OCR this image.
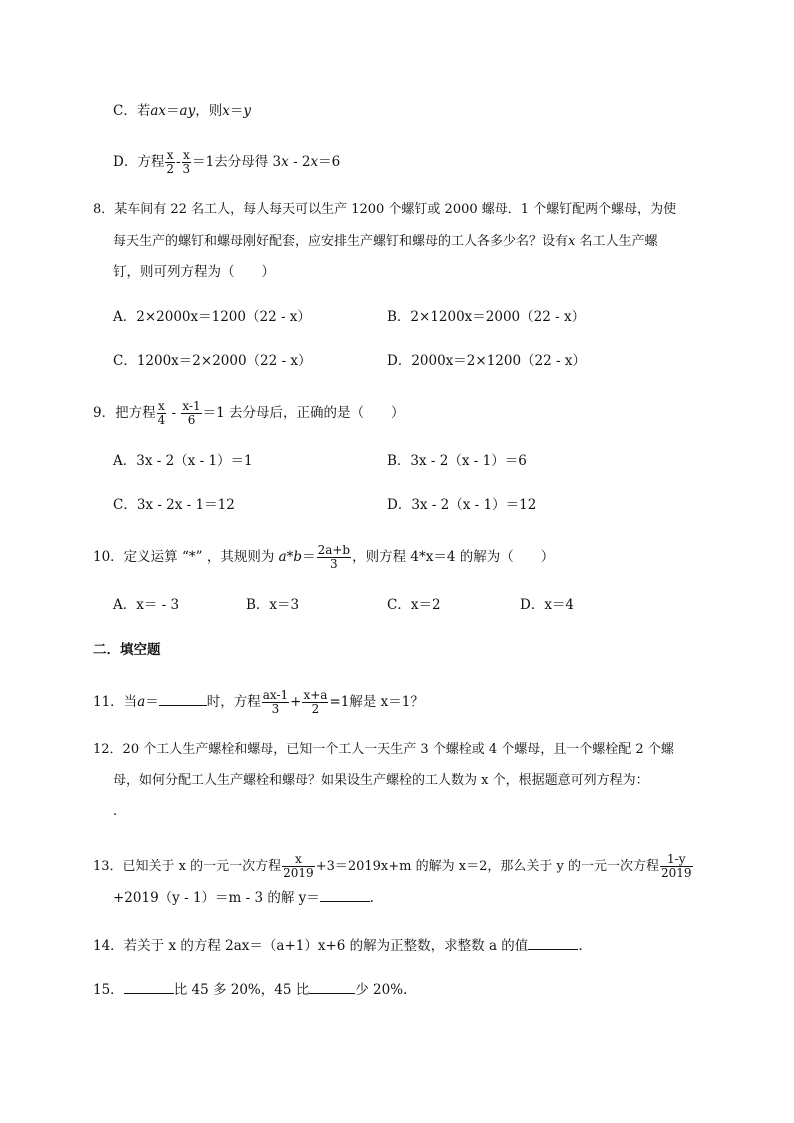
C．若ax＝ay，则x＝y
D．方程 $\frac{x}{2} - \frac{x}{3} =1$去分母得 3x - 2x＝6
8．某车间有 22 名工人，每人每天可以生产 1200 个螺钉或 2000 螺母．1 个螺钉配两个螺母，为使
每天生产的螺钉和螺母刚好配套，应安排生产螺钉和螺母的工人各多少名？设有x 名工人生产螺
钉，则可列方程为（　　）
A．2×2000x＝1200（22 - x）	B．2×1200x＝2000（22 - x）
C．1200x＝2×2000（22 - x）	D．2000x＝2×1200（22 - x）
9．把方程 $\frac{x}{4} - \frac{x-1}{6} =1$ 去分母后，正确的是（　　）
A．3x - 2（x - 1）＝1	B．3x - 2（x - 1）＝6
C．3x - 2x - 1＝12	D．3x - 2（x - 1）＝12
10．定义运算 “*” ，其规则为 $a*b= \frac{2a+b}{3}$ ，则方程 4*x＝4 的解为（　　）
A．x＝ - 3	B．x＝3	C．x＝2	D．x＝4
二．填空题
11．当a＝	时，方程 $\frac{ax-1}{3} + \frac{x+a}{2} =1$解是 x＝1？
12．20 个工人生产螺栓和螺母，已知一个工人一天生产 3 个螺栓或 4 个螺母，且一个螺栓配 2 个螺
母，如何分配工人生产螺栓和螺母？如果设生产螺栓的工人数为 x 个，根据题意可列方程为：
．
13．已知关于 x 的一元一次方程 $\frac{x}{2019} +3=2019x+m$ 的解为 x＝2，那么关于 y 的一元一次方程 $\frac{1-y}{2019}$
+2019（y - 1）＝m - 3 的解 y＝	．
14．若关于 x 的方程 2ax＝（a+1）x+6 的解为正整数，求整数 a 的值	．
15．	比 45 多 20%，45 比	少 20%.
